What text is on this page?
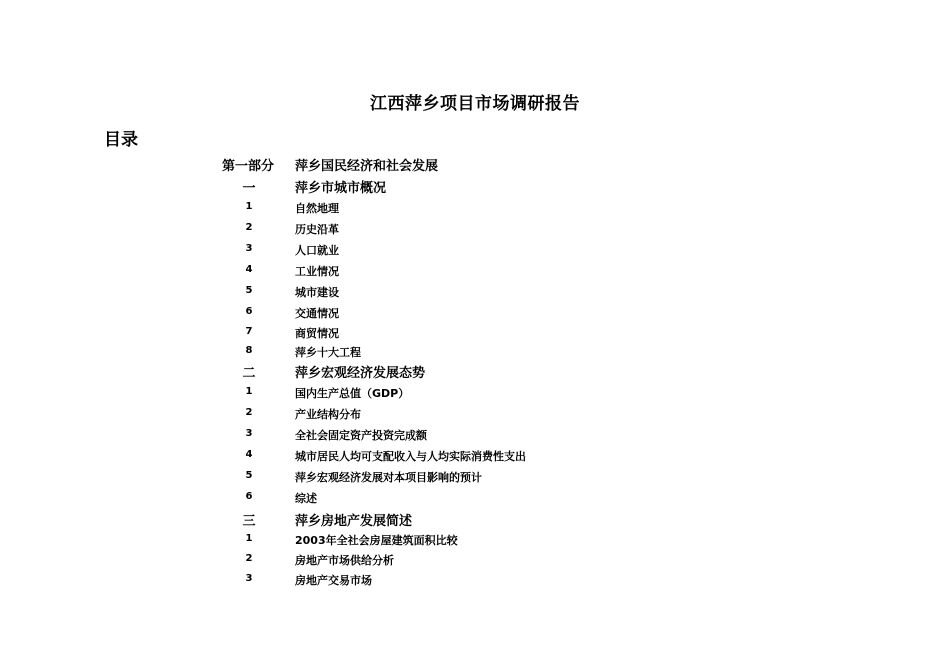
江西萍乡项目市场调研报告
目录
第一部分 萍乡国民经济和社会发展
一	萍乡市城市概况
1	自然地理
2	历史沿革
3	人口就业
4	工业情况
5	城市建设
6	交通情况
7	商贸情况
8	萍乡十大工程
二	萍乡宏观经济发展态势
1	国内生产总值（GDP）
2	产业结构分布
3	全社会固定资产投资完成额
4	城市居民人均可支配收入与人均实际消费性支出
5	萍乡宏观经济发展对本项目影响的预计
6	综述
三	萍乡房地产发展简述
1	2003年全社会房屋建筑面积比较
2	房地产市场供给分析
3	房地产交易市场
